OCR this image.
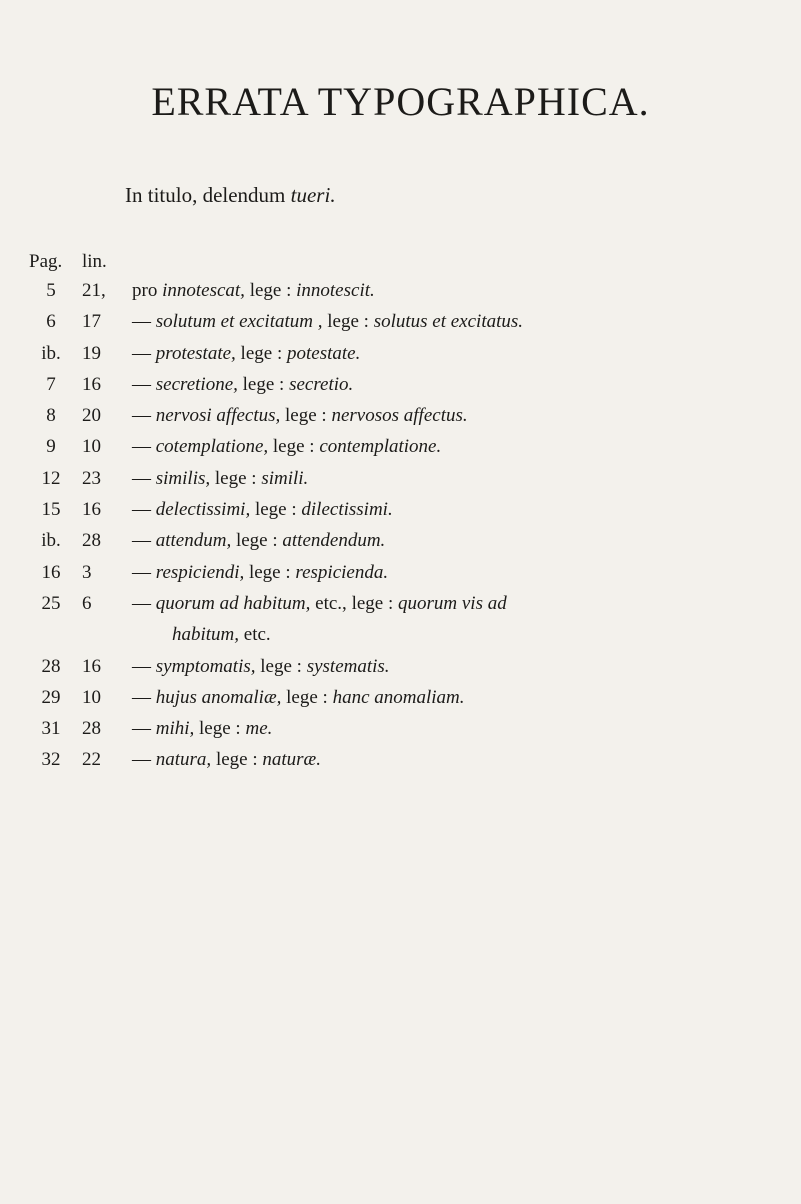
ERRATA TYPOGRAPHICA.
In titulo, delendum tueri.
Pag. lin.
5	21,	pro innotescat, lege : innotescit.
6	17	— solutum et excitatum , lege : solutus et excitatus.
ib.	19	— protestate, lege : potestate.
7	16	— secretione, lege : secretio.
8	20	— nervosi affectus, lege : nervosos affectus.
9	10	— cotemplatione, lege : contemplatione.
12	23	— similis, lege : simili.
15	16	— delectissimi, lege : dilectissimi.
ib.	28	— attendum, lege : attendendum.
16	3	— respiciendi, lege : respicienda.
25	6	— quorum ad habitum, etc., lege : quorum vis ad
habitum, etc.
28	16	— symptomatis, lege : systematis.
29	10	— hujus anomaliæ, lege : hanc anomaliam.
31	28	— mihi, lege : me.
32	22	— natura, lege : naturæ.
